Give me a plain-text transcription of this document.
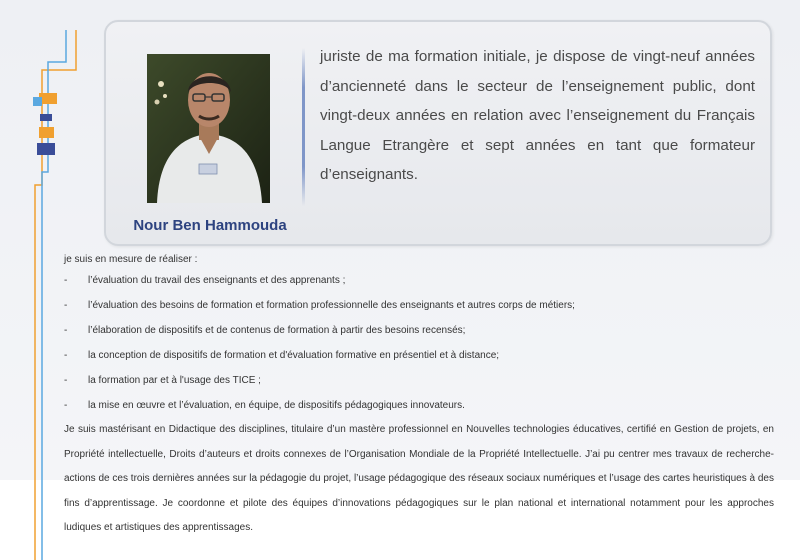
Nour Ben Hammouda

juriste de ma formation initiale, je dispose de vingt-neuf années d’ancienneté dans le secteur de l’enseignement public, dont vingt-deux années en relation avec l’enseignement du Français Langue Etrangère et sept années en tant que formateur d’enseignants.

je suis en mesure de réaliser :

- l’évaluation du travail des enseignants et des apprenants ;
- l’évaluation des besoins de formation et formation professionnelle des enseignants et autres corps de métiers;
- l’élaboration de dispositifs et de contenus de formation à partir des besoins recensés;
- la conception de dispositifs de formation et d'évaluation formative en présentiel et à distance;
- la formation par et à l'usage des TICE ;
- la mise en œuvre et l’évaluation, en équipe, de dispositifs pédagogiques innovateurs.

Je suis mastérisant en Didactique des disciplines, titulaire d’un mastère professionnel en Nouvelles technologies éducatives, certifié en Gestion de projets, en Propriété intellectuelle, Droits d’auteurs et droits connexes de l’Organisation Mondiale de la Propriété Intellectuelle. J’ai pu centrer mes travaux de recherche-actions de ces trois dernières années sur la pédagogie du projet, l’usage pédagogique des réseaux sociaux numériques et l’usage des cartes heuristiques à des fins d’apprentissage. Je coordonne et pilote des équipes d’innovations pédagogiques sur le plan national et international notamment pour les approches ludiques et artistiques des apprentissages.
